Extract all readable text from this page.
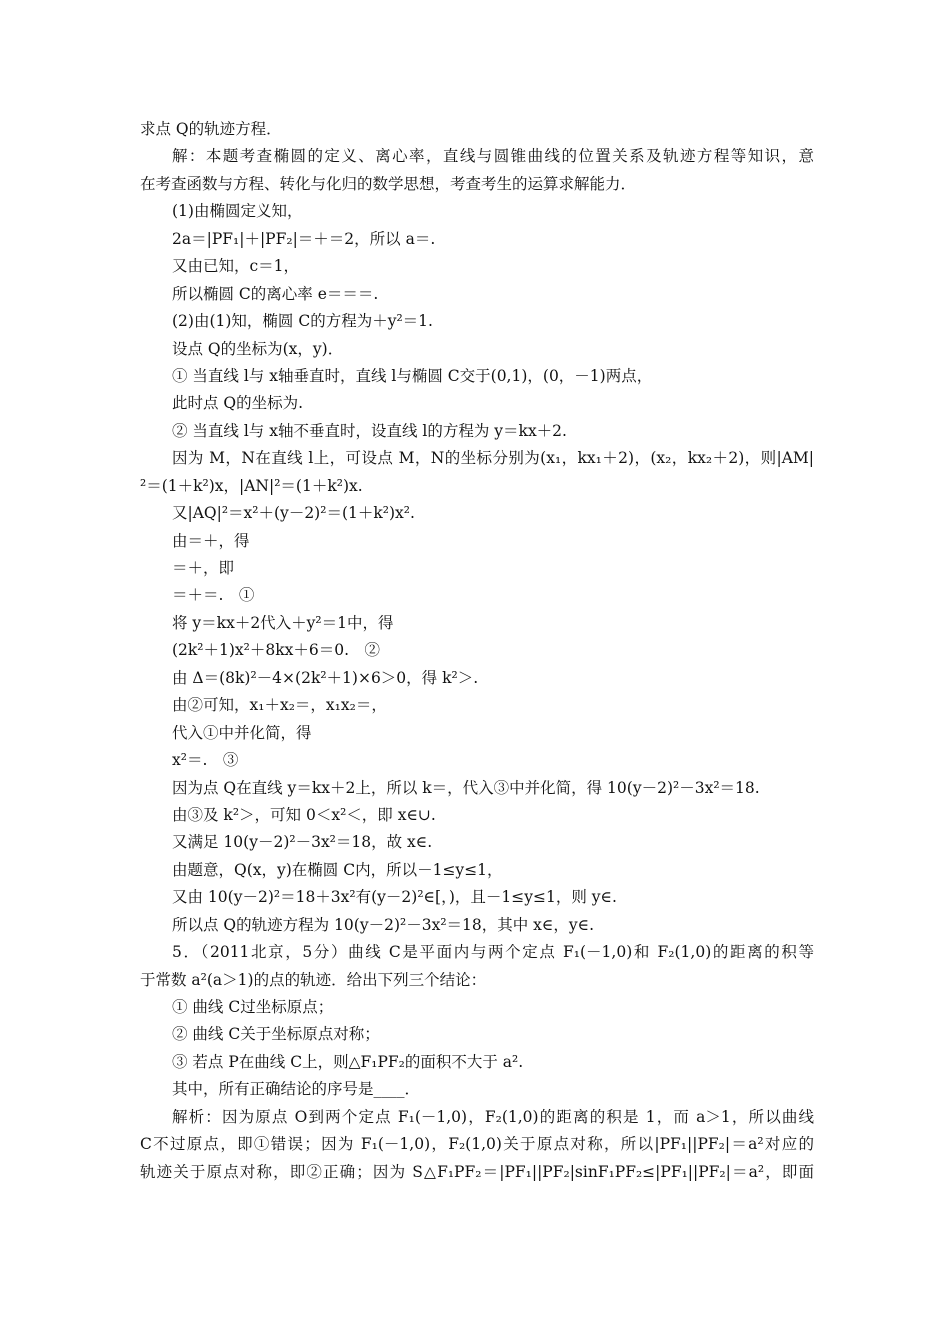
求点 Q的轨迹方程．
解：本题考查椭圆的定义、离心率，直线与圆锥曲线的位置关系及轨迹方程等知识，意
在考查函数与方程、转化与化归的数学思想，考查考生的运算求解能力．
(1)由椭圆定义知，
2a＝|PF₁|＋|PF₂|＝＋＝2，所以 a＝.
又由已知，c＝1，
所以椭圆 C的离心率 e＝＝＝.
(2)由(1)知，椭圆 C的方程为＋y²＝1.
设点 Q的坐标为(x，y)．
① 当直线 l与 x轴垂直时，直线 l与椭圆 C交于(0,1)，(0，－1)两点，
此时点 Q的坐标为.
② 当直线 l与 x轴不垂直时，设直线 l的方程为 y＝kx＋2.
因为 M，N在直线 l上，可设点 M，N的坐标分别为(x₁，kx₁＋2)，(x₂，kx₂＋2)，则|AM|
²＝(1＋k²)x，|AN|²＝(1＋k²)x.
又|AQ|²＝x²＋(y－2)²＝(1＋k²)x².
由＝＋，得
＝＋，即
＝＋＝.　①
将 y＝kx＋2代入＋y²＝1中，得
(2k²＋1)x²＋8kx＋6＝0.　②
由 Δ＝(8k)²－4×(2k²＋1)×6＞0，得 k²＞.
由②可知，x₁＋x₂＝，x₁x₂＝，
代入①中并化简，得
x²＝.　③
因为点 Q在直线 y＝kx＋2上，所以 k＝，代入③中并化简，得 10(y－2)²－3x²＝18.
由③及 k²＞，可知 0＜x²＜，即 x∈∪.
又满足 10(y－2)²－3x²＝18，故 x∈.
由题意，Q(x，y)在椭圆 C内，所以－1≤y≤1，
又由 10(y－2)²＝18＋3x²有(y－2)²∈[，)，且－1≤y≤1，则 y∈.
所以点 Q的轨迹方程为 10(y－2)²－3x²＝18，其中 x∈，y∈.
5．（2011北京，5分）曲线 C是平面内与两个定点 F₁(－1,0)和 F₂(1,0)的距离的积等
于常数 a²(a＞1)的点的轨迹．给出下列三个结论：
① 曲线 C过坐标原点；
② 曲线 C关于坐标原点对称；
③ 若点 P在曲线 C上，则△F₁PF₂的面积不大于 a².
其中，所有正确结论的序号是____．
解析：因为原点 O到两个定点 F₁(－1,0)，F₂(1,0)的距离的积是 1，而 a＞1，所以曲线
C不过原点，即①错误；因为 F₁(－1,0)，F₂(1,0)关于原点对称，所以|PF₁||PF₂|＝a²对应的
轨迹关于原点对称，即②正确；因为 S△F₁PF₂＝|PF₁||PF₂|sinF₁PF₂≤|PF₁||PF₂|＝a²，即面
